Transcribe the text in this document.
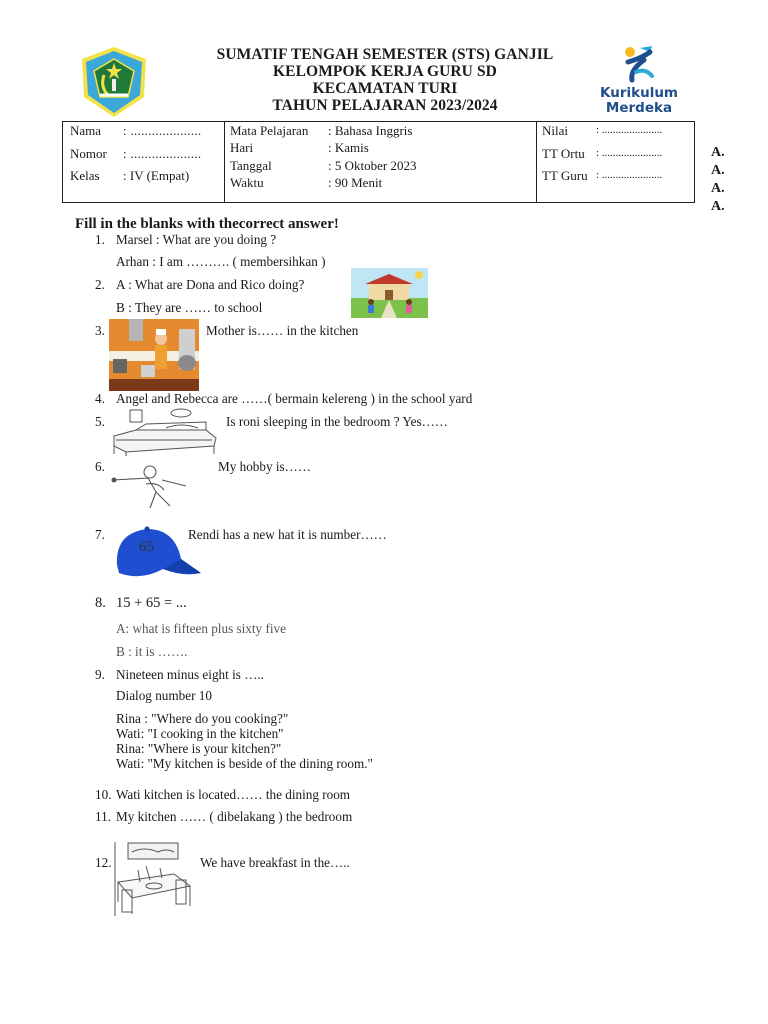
SUMATIF TENGAH SEMESTER (STS) GANJIL
KELOMPOK KERJA GURU SD
KECAMATAN TURI
TAHUN PELAJARAN 2023/2024
Kurikulum
Merdeka
Nama : ....................
Nomor : ....................
Kelas : IV (Empat)
Mata Pelajaran : Bahasa Inggris
Hari	: Kamis
Tanggal	: 5 Oktober 2023
Waktu	: 90 Menit
Nilai	: ......................
TT Ortu : ......................
TT Guru : ......................
A.
A.
A.
A.
Fill in the blanks with thecorrect answer!
1. Marsel : What are you doing ?
Arhan : I am ………. ( membersihkan )
2. A : What are Dona and Rico doing?
B : They are …… to school
3.	Mother is…… in the kitchen
4. Angel and Rebecca are ……( bermain kelereng ) in the school yard
5.	Is roni sleeping in the bedroom ? Yes……
6.	My hobby is……
7.
65
Rendi has a new hat it is number……
8. 15 + 65 = ...
A: what is fifteen plus sixty five
B : it is …….
9. Nineteen minus eight is …..
Dialog number 10
Rina : "Where do you cooking?"
Wati: "I cooking in the kitchen"
Rina: "Where is your kitchen?"
Wati: "My kitchen is beside of the dining room."
10. Wati kitchen is located…… the dining room
11. My kitchen …… ( dibelakang ) the bedroom
12.	We have breakfast in the…..
